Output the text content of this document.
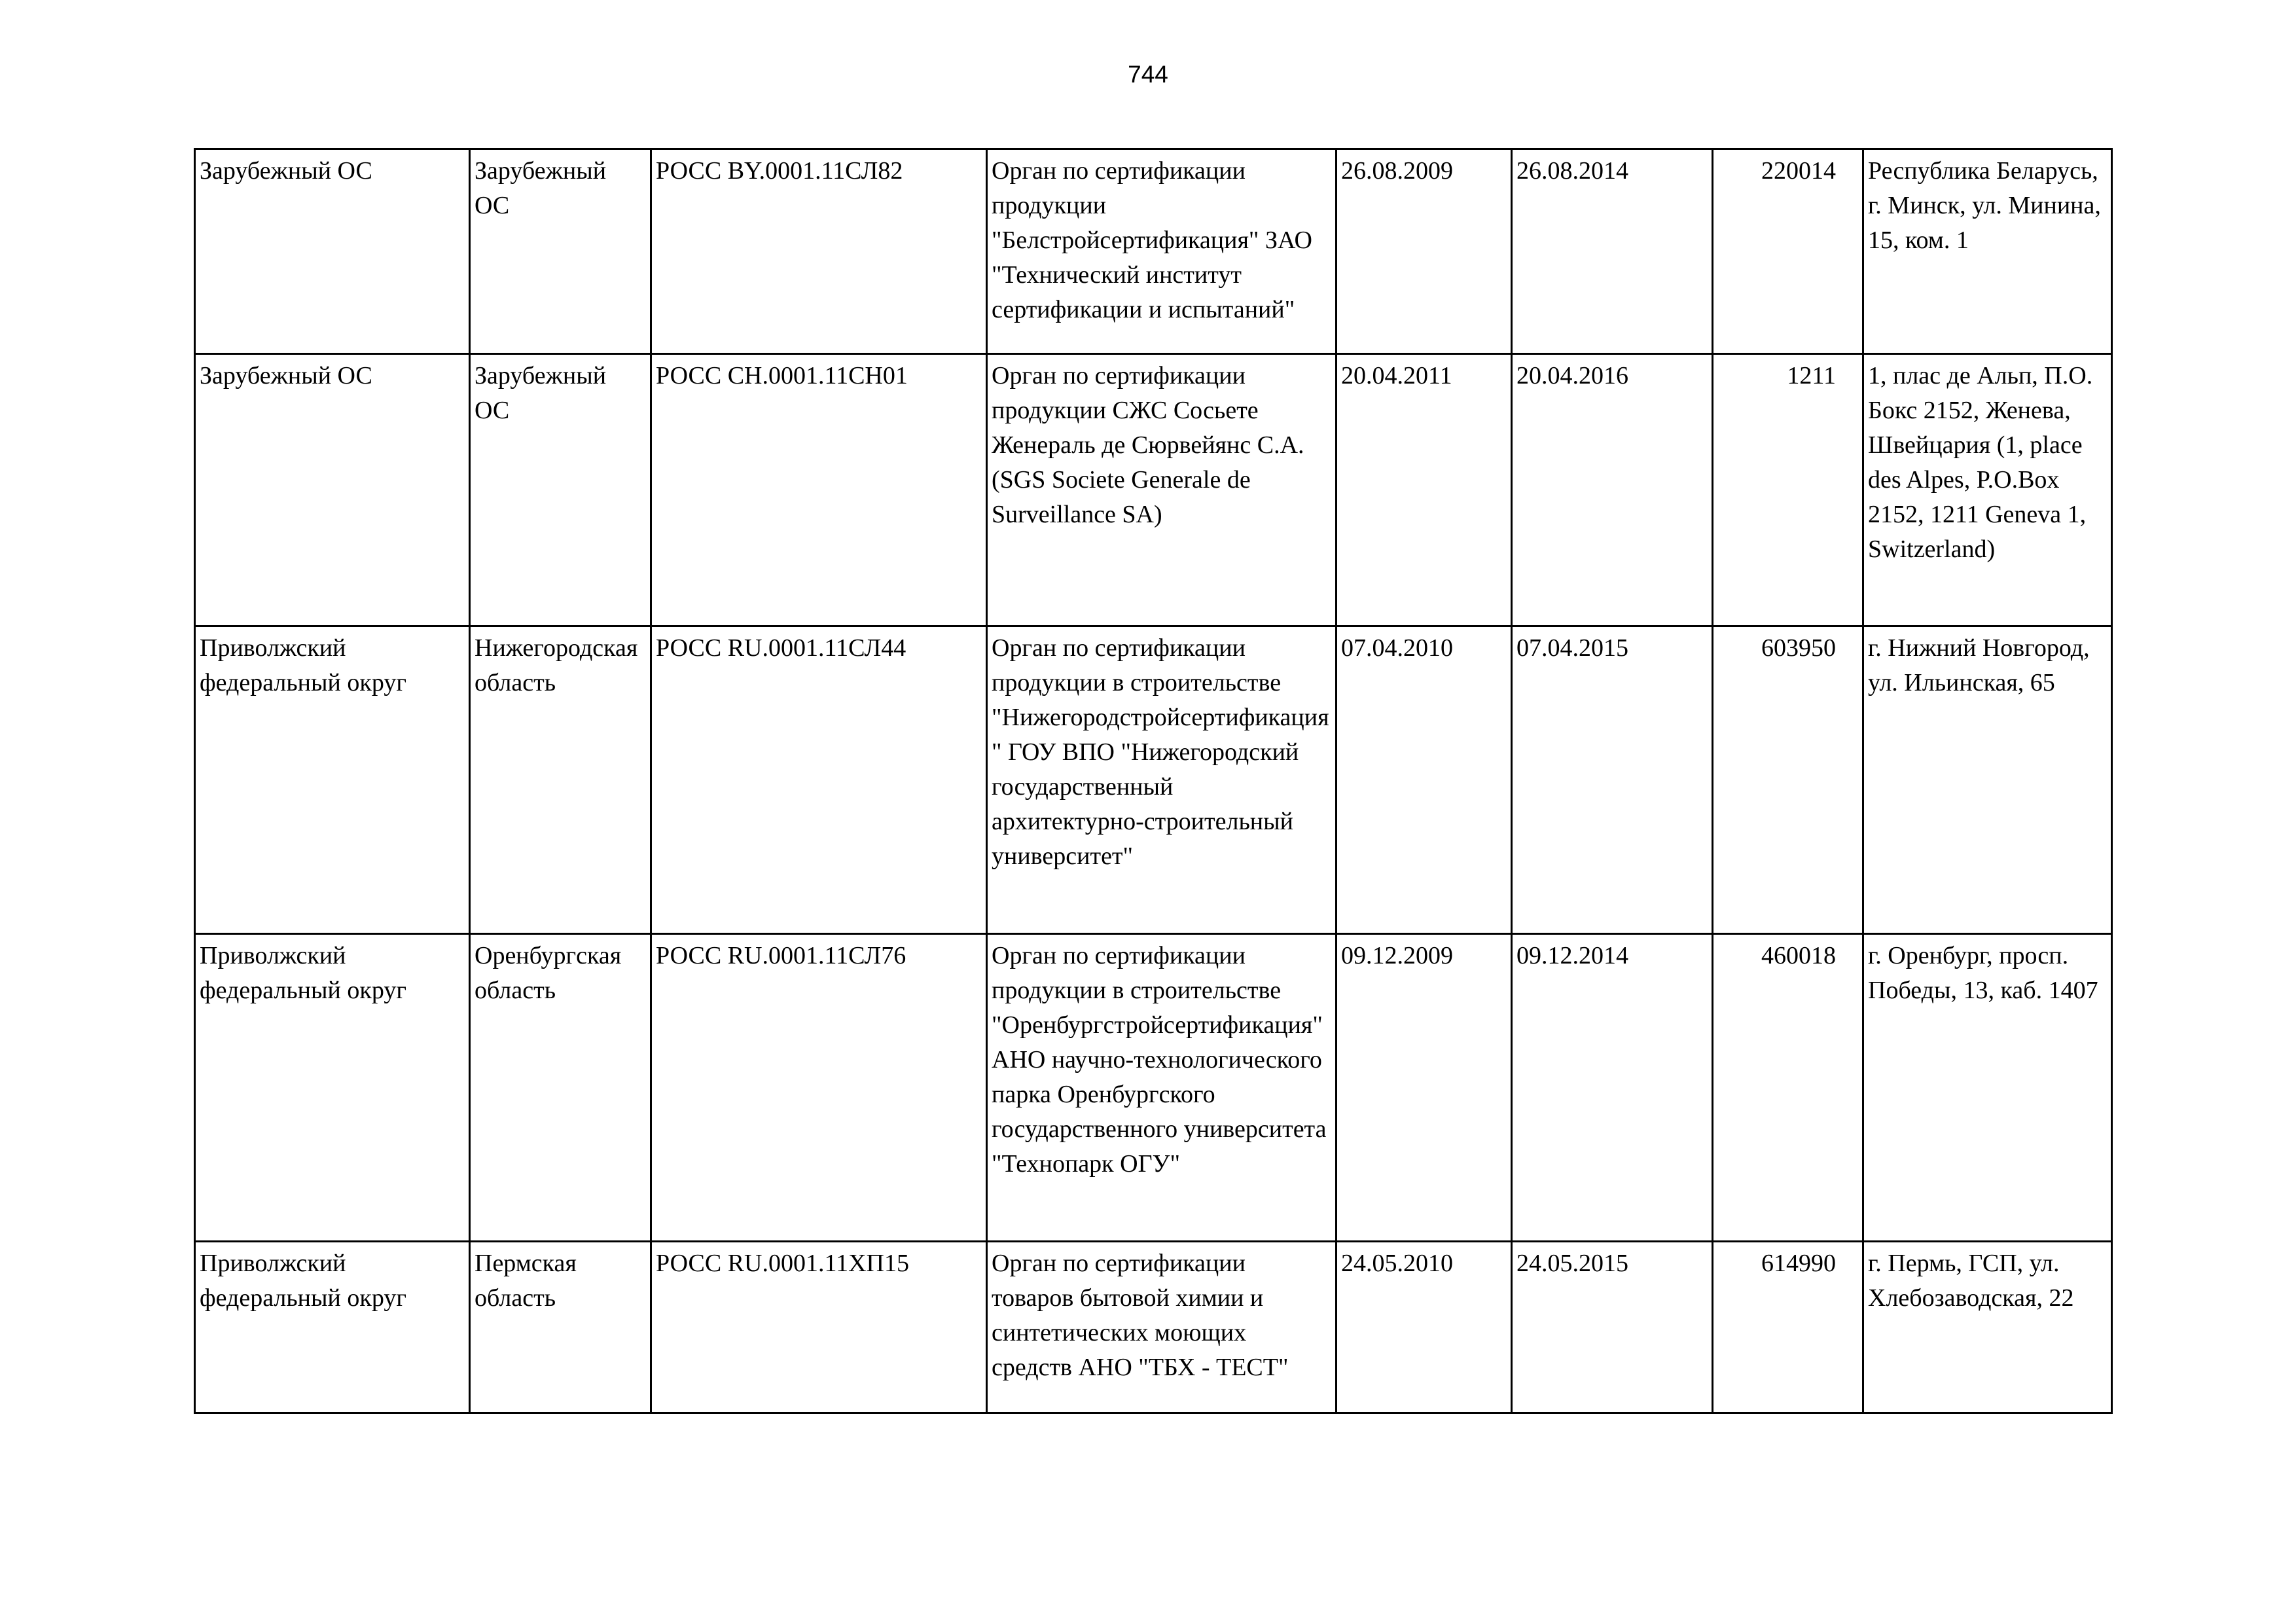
744
Зарубежный ОС	Зарубежный ОС	РОСС BY.0001.11СЛ82	Орган по сертификации продукции "Белстройсертификация" ЗАО "Технический институт сертификации и испытаний"	26.08.2009	26.08.2014	220014	Республика Беларусь, г. Минск, ул. Минина, 15, ком. 1

Зарубежный ОС	Зарубежный ОС	РОСС CH.0001.11СН01	Орган по сертификации продукции СЖС Сосьете Женераль де Сюрвейянс С.А. (SGS Societe Generale de Surveillance SA)	20.04.2011	20.04.2016	1211	1, плас де Альп, П.О. Бокс 2152, Женева, Швейцария (1, place des Alpes, P.O.Box 2152, 1211 Geneva 1, Switzerland)

Приволжский федеральный округ	Нижегородская область	РОСС RU.0001.11СЛ44	Орган по сертификации продукции в строительстве "Нижегородстройсертификация" ГОУ ВПО "Нижегородский государственный архитектурно-строительный университет"	07.04.2010	07.04.2015	603950	г. Нижний Новгород, ул. Ильинская, 65

Приволжский федеральный округ	Оренбургская область	РОСС RU.0001.11СЛ76	Орган по сертификации продукции в строительстве "Оренбургстройсертификация" АНО научно-технологического парка Оренбургского государственного университета "Технопарк ОГУ"	09.12.2009	09.12.2014	460018	г. Оренбург, просп. Победы, 13, каб. 1407

Приволжский федеральный округ	Пермская область	РОСС RU.0001.11ХП15	Орган по сертификации товаров бытовой химии и синтетических моющих средств АНО "ТБХ - ТЕСТ"	24.05.2010	24.05.2015	614990	г. Пермь, ГСП, ул. Хлебозаводская, 22
